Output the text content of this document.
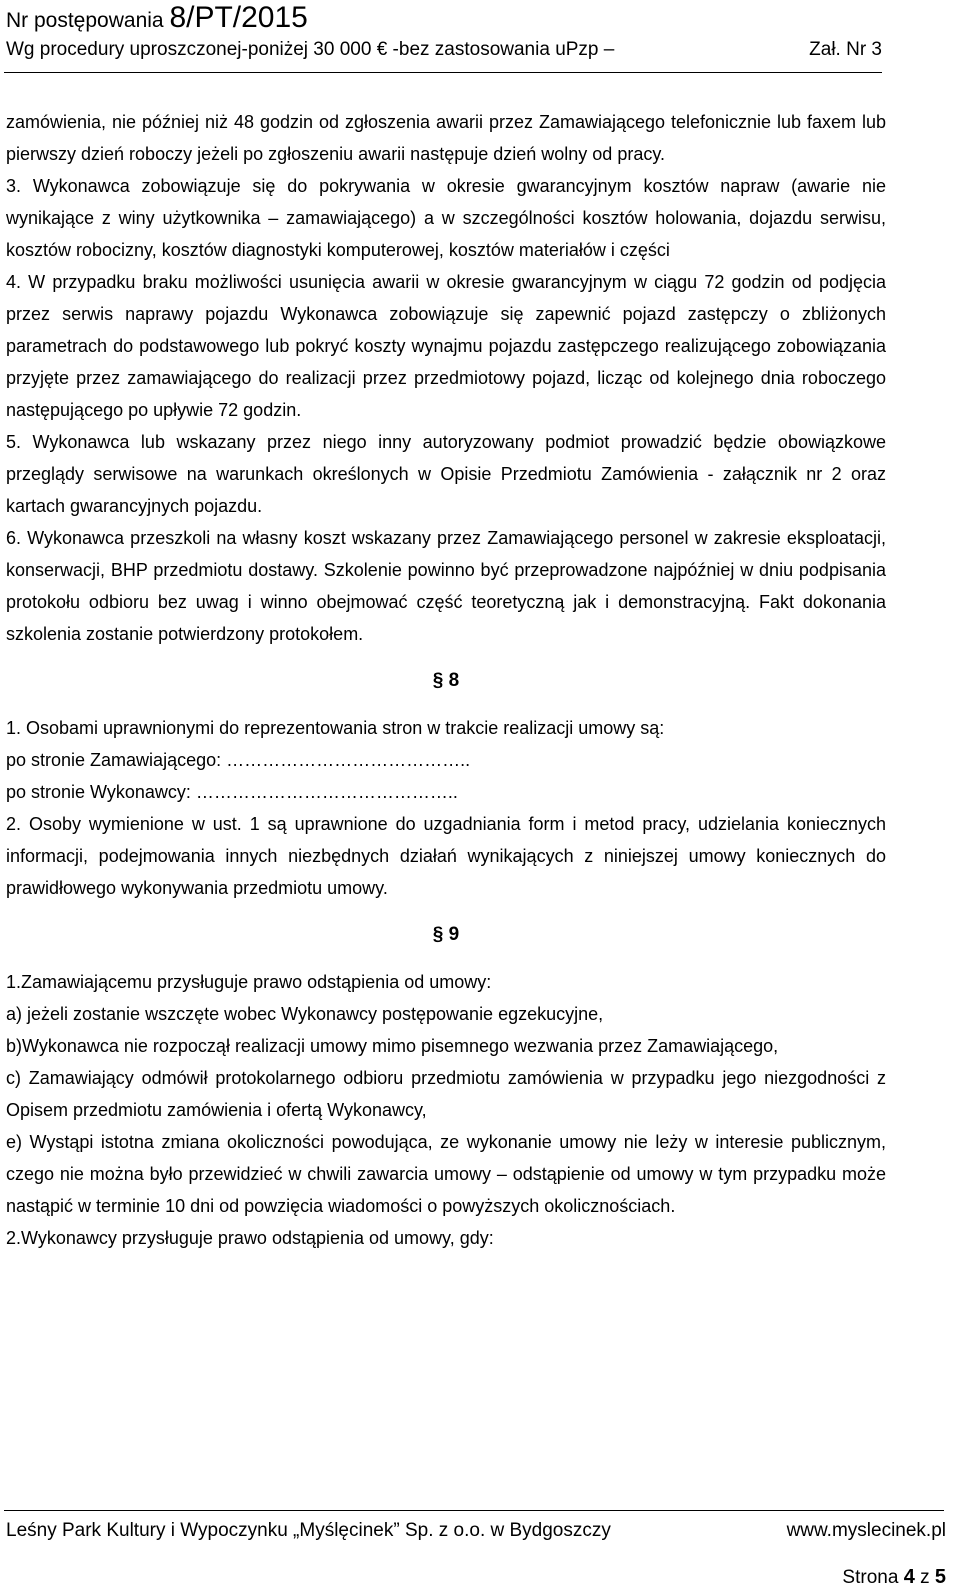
Nr postępowania 8/PT/2015
Wg procedury uproszczonej-poniżej 30 000 € -bez zastosowania uPzp –	Zał. Nr 3

zamówienia, nie później niż 48 godzin od zgłoszenia awarii przez Zamawiającego telefonicznie lub faxem lub pierwszy dzień roboczy jeżeli po zgłoszeniu awarii następuje dzień wolny od pracy.

3. Wykonawca zobowiązuje się do pokrywania w okresie gwarancyjnym kosztów napraw (awarie nie wynikające z winy użytkownika – zamawiającego) a w szczególności kosztów holowania, dojazdu serwisu, kosztów robocizny, kosztów diagnostyki komputerowej, kosztów materiałów i części

4. W przypadku braku możliwości usunięcia awarii w okresie gwarancyjnym w ciągu 72 godzin od podjęcia przez serwis naprawy pojazdu Wykonawca zobowiązuje się zapewnić pojazd zastępczy o zbliżonych parametrach do podstawowego lub pokryć koszty wynajmu pojazdu zastępczego realizującego zobowiązania przyjęte przez zamawiającego do realizacji przez przedmiotowy pojazd, licząc od kolejnego dnia roboczego następującego po upływie 72 godzin.

5. Wykonawca lub wskazany przez niego inny autoryzowany podmiot prowadzić będzie obowiązkowe przeglądy serwisowe na warunkach określonych w Opisie Przedmiotu Zamówienia - załącznik nr 2 oraz kartach gwarancyjnych pojazdu.

6. Wykonawca przeszkoli na własny koszt wskazany przez Zamawiającego personel w zakresie eksploatacji, konserwacji, BHP przedmiotu dostawy. Szkolenie powinno być przeprowadzone najpóźniej w dniu podpisania protokołu odbioru bez uwag i winno obejmować część teoretyczną jak i demonstracyjną. Fakt dokonania szkolenia zostanie potwierdzony protokołem.

§ 8

1. Osobami uprawnionymi do reprezentowania stron w trakcie realizacji umowy są:

po stronie Zamawiającego: …………………………………..

po stronie Wykonawcy: ……………………………………..

2. Osoby wymienione w ust. 1 są uprawnione do uzgadniania form i metod pracy, udzielania koniecznych informacji, podejmowania innych niezbędnych działań wynikających z niniejszej umowy koniecznych do prawidłowego wykonywania przedmiotu umowy.

§ 9

1.Zamawiającemu przysługuje prawo odstąpienia od umowy:

a) jeżeli zostanie wszczęte wobec Wykonawcy postępowanie egzekucyjne,

b)Wykonawca nie rozpoczął realizacji umowy mimo pisemnego wezwania przez Zamawiającego,

c) Zamawiający odmówił protokolarnego odbioru przedmiotu zamówienia w przypadku jego niezgodności z Opisem przedmiotu zamówienia i ofertą Wykonawcy,

e) Wystąpi istotna zmiana okoliczności powodująca, ze wykonanie umowy nie leży w interesie publicznym, czego nie można było przewidzieć w chwili zawarcia umowy – odstąpienie od umowy w tym przypadku może nastąpić w terminie 10 dni od powzięcia wiadomości o powyższych okolicznościach.

2.Wykonawcy przysługuje prawo odstąpienia od umowy, gdy:

Leśny Park Kultury i Wypoczynku „Myślęcinek” Sp. z o.o. w Bydgoszczy	www.myslecinek.pl
Strona 4 z 5
